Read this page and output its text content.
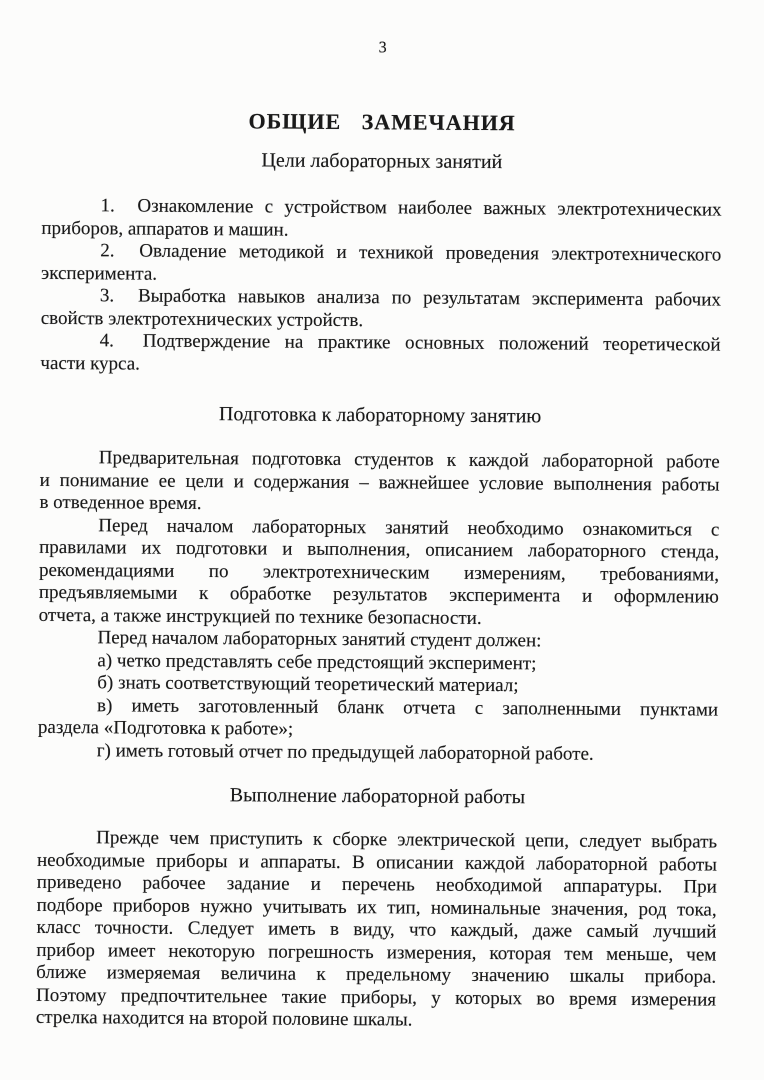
3
ОБЩИЕ ЗАМЕЧАНИЯ
Цели лабораторных занятий
1.  Ознакомление с устройством наиболее важных электротехнических
приборов, аппаратов и машин.
2.  Овладение методикой и техникой проведения электротехнического
эксперимента.
3.  Выработка навыков анализа по результатам эксперимента рабочих
свойств электротехнических устройств.
4.  Подтверждение на практике основных положений теоретической
части курса.
Подготовка к лабораторному занятию
Предварительная подготовка студентов к каждой лабораторной работе
и понимание ее цели и содержания – важнейшее условие выполнения работы
в отведенное время.
Перед началом лабораторных занятий необходимо ознакомиться с
правилами их подготовки и выполнения, описанием лабораторного стенда,
рекомендациями по электротехническим измерениям, требованиями,
предъявляемыми к обработке результатов эксперимента и оформлению
отчета, а также инструкцией по технике безопасности.
Перед началом лабораторных занятий студент должен:
а) четко представлять себе предстоящий эксперимент;
б) знать соответствующий теоретический материал;
в) иметь заготовленный бланк отчета с заполненными пунктами
раздела «Подготовка к работе»;
г) иметь готовый отчет по предыдущей лабораторной работе.
Выполнение лабораторной работы
Прежде чем приступить к сборке электрической цепи, следует выбрать
необходимые приборы и аппараты. В описании каждой лабораторной работы
приведено рабочее задание и перечень необходимой аппаратуры. При
подборе приборов нужно учитывать их тип, номинальные значения, род тока,
класс точности. Следует иметь в виду, что каждый, даже самый лучший
прибор имеет некоторую погрешность измерения, которая тем меньше, чем
ближе измеряемая величина к предельному значению шкалы прибора.
Поэтому предпочтительнее такие приборы, у которых во время измерения
стрелка находится на второй половине шкалы.
